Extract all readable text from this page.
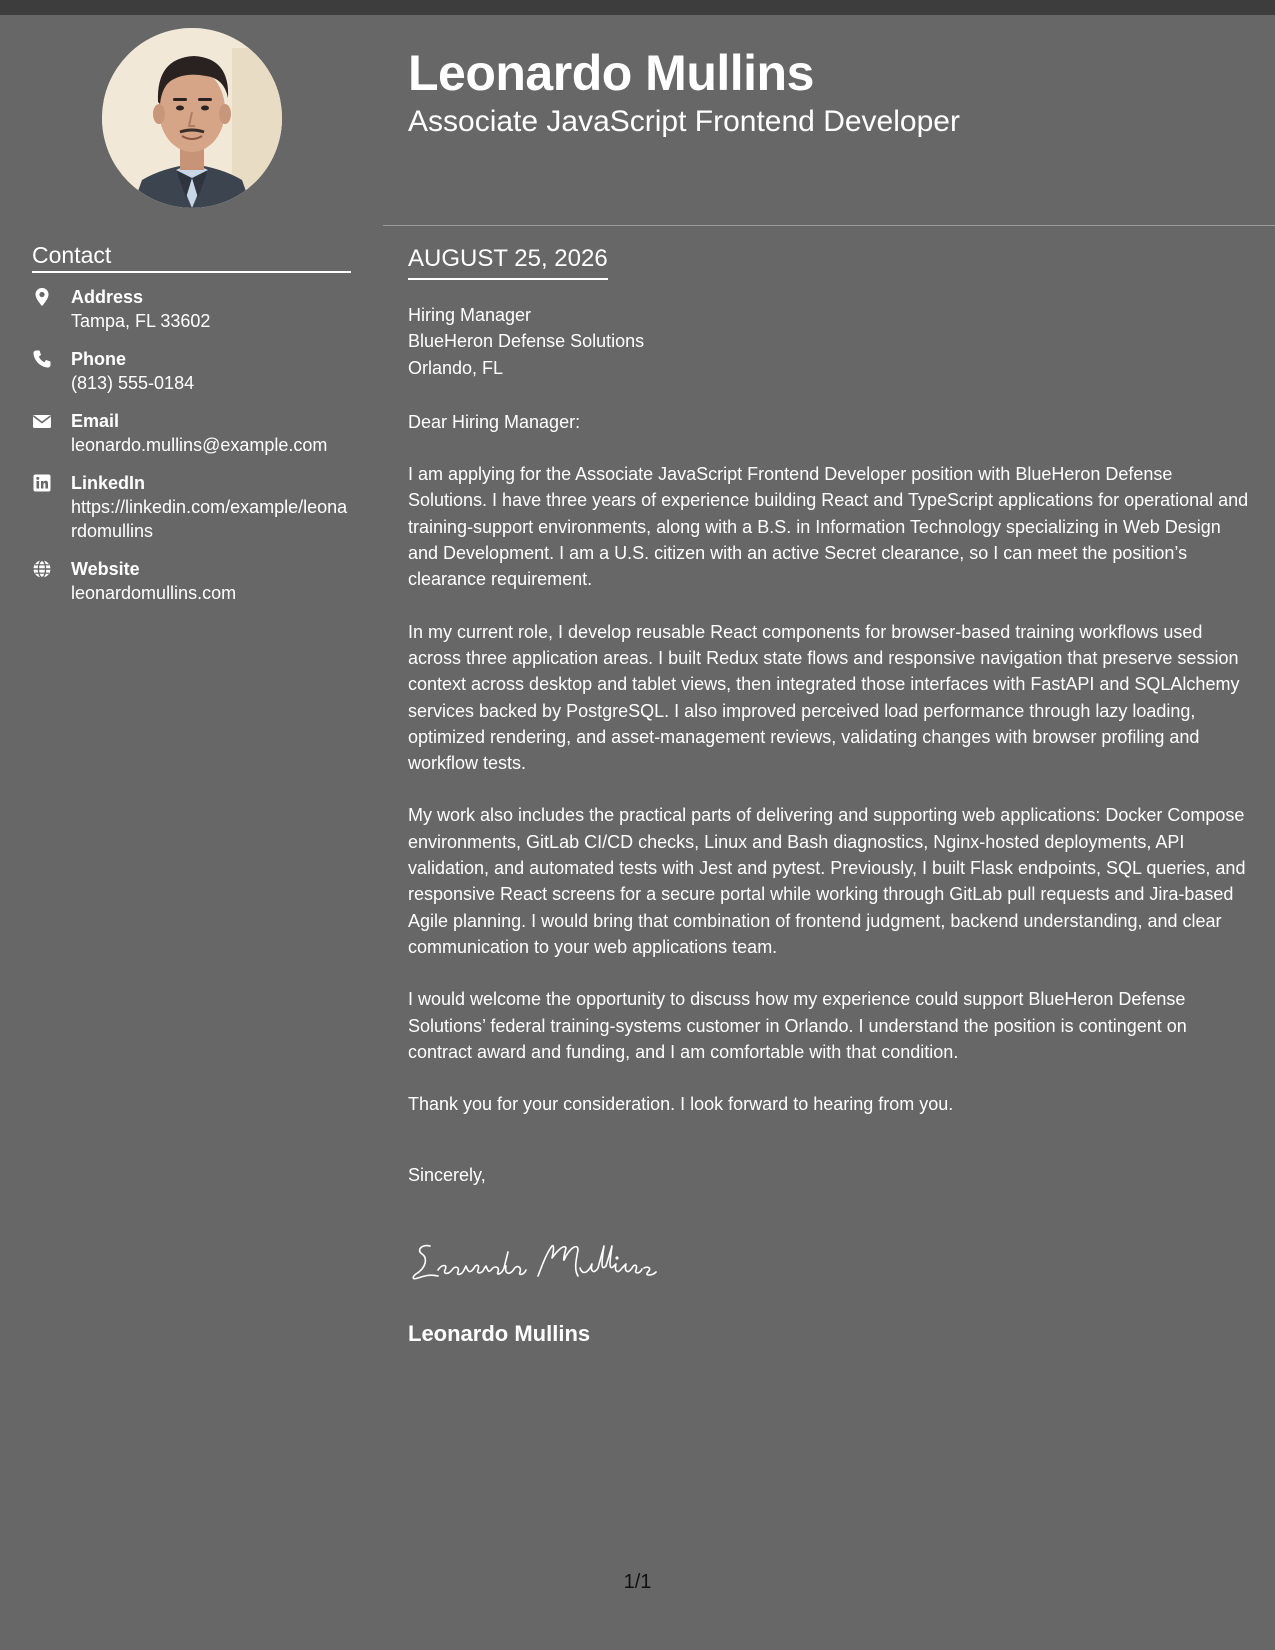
Leonardo Mullins
Associate JavaScript Frontend Developer
Contact
Address
Tampa, FL 33602
Phone
(813) 555-0184
Email
leonardo.mullins@example.com
LinkedIn
https://linkedin.com/example/leonardomullins
Website
leonardomullins.com
AUGUST 25, 2026
Hiring Manager
BlueHeron Defense Solutions
Orlando, FL
Dear Hiring Manager:
I am applying for the Associate JavaScript Frontend Developer position with BlueHeron Defense Solutions. I have three years of experience building React and TypeScript applications for operational and training-support environments, along with a B.S. in Information Technology specializing in Web Design and Development. I am a U.S. citizen with an active Secret clearance, so I can meet the position’s clearance requirement.
In my current role, I develop reusable React components for browser-based training workflows used across three application areas. I built Redux state flows and responsive navigation that preserve session context across desktop and tablet views, then integrated those interfaces with FastAPI and SQLAlchemy services backed by PostgreSQL. I also improved perceived load performance through lazy loading, optimized rendering, and asset-management reviews, validating changes with browser profiling and workflow tests.
My work also includes the practical parts of delivering and supporting web applications: Docker Compose environments, GitLab CI/CD checks, Linux and Bash diagnostics, Nginx-hosted deployments, API validation, and automated tests with Jest and pytest. Previously, I built Flask endpoints, SQL queries, and responsive React screens for a secure portal while working through GitLab pull requests and Jira-based Agile planning. I would bring that combination of frontend judgment, backend understanding, and clear communication to your web applications team.
I would welcome the opportunity to discuss how my experience could support BlueHeron Defense Solutions’ federal training-systems customer in Orlando. I understand the position is contingent on contract award and funding, and I am comfortable with that condition.
Thank you for your consideration. I look forward to hearing from you.
Sincerely,
Leonardo Mullins
1/1
